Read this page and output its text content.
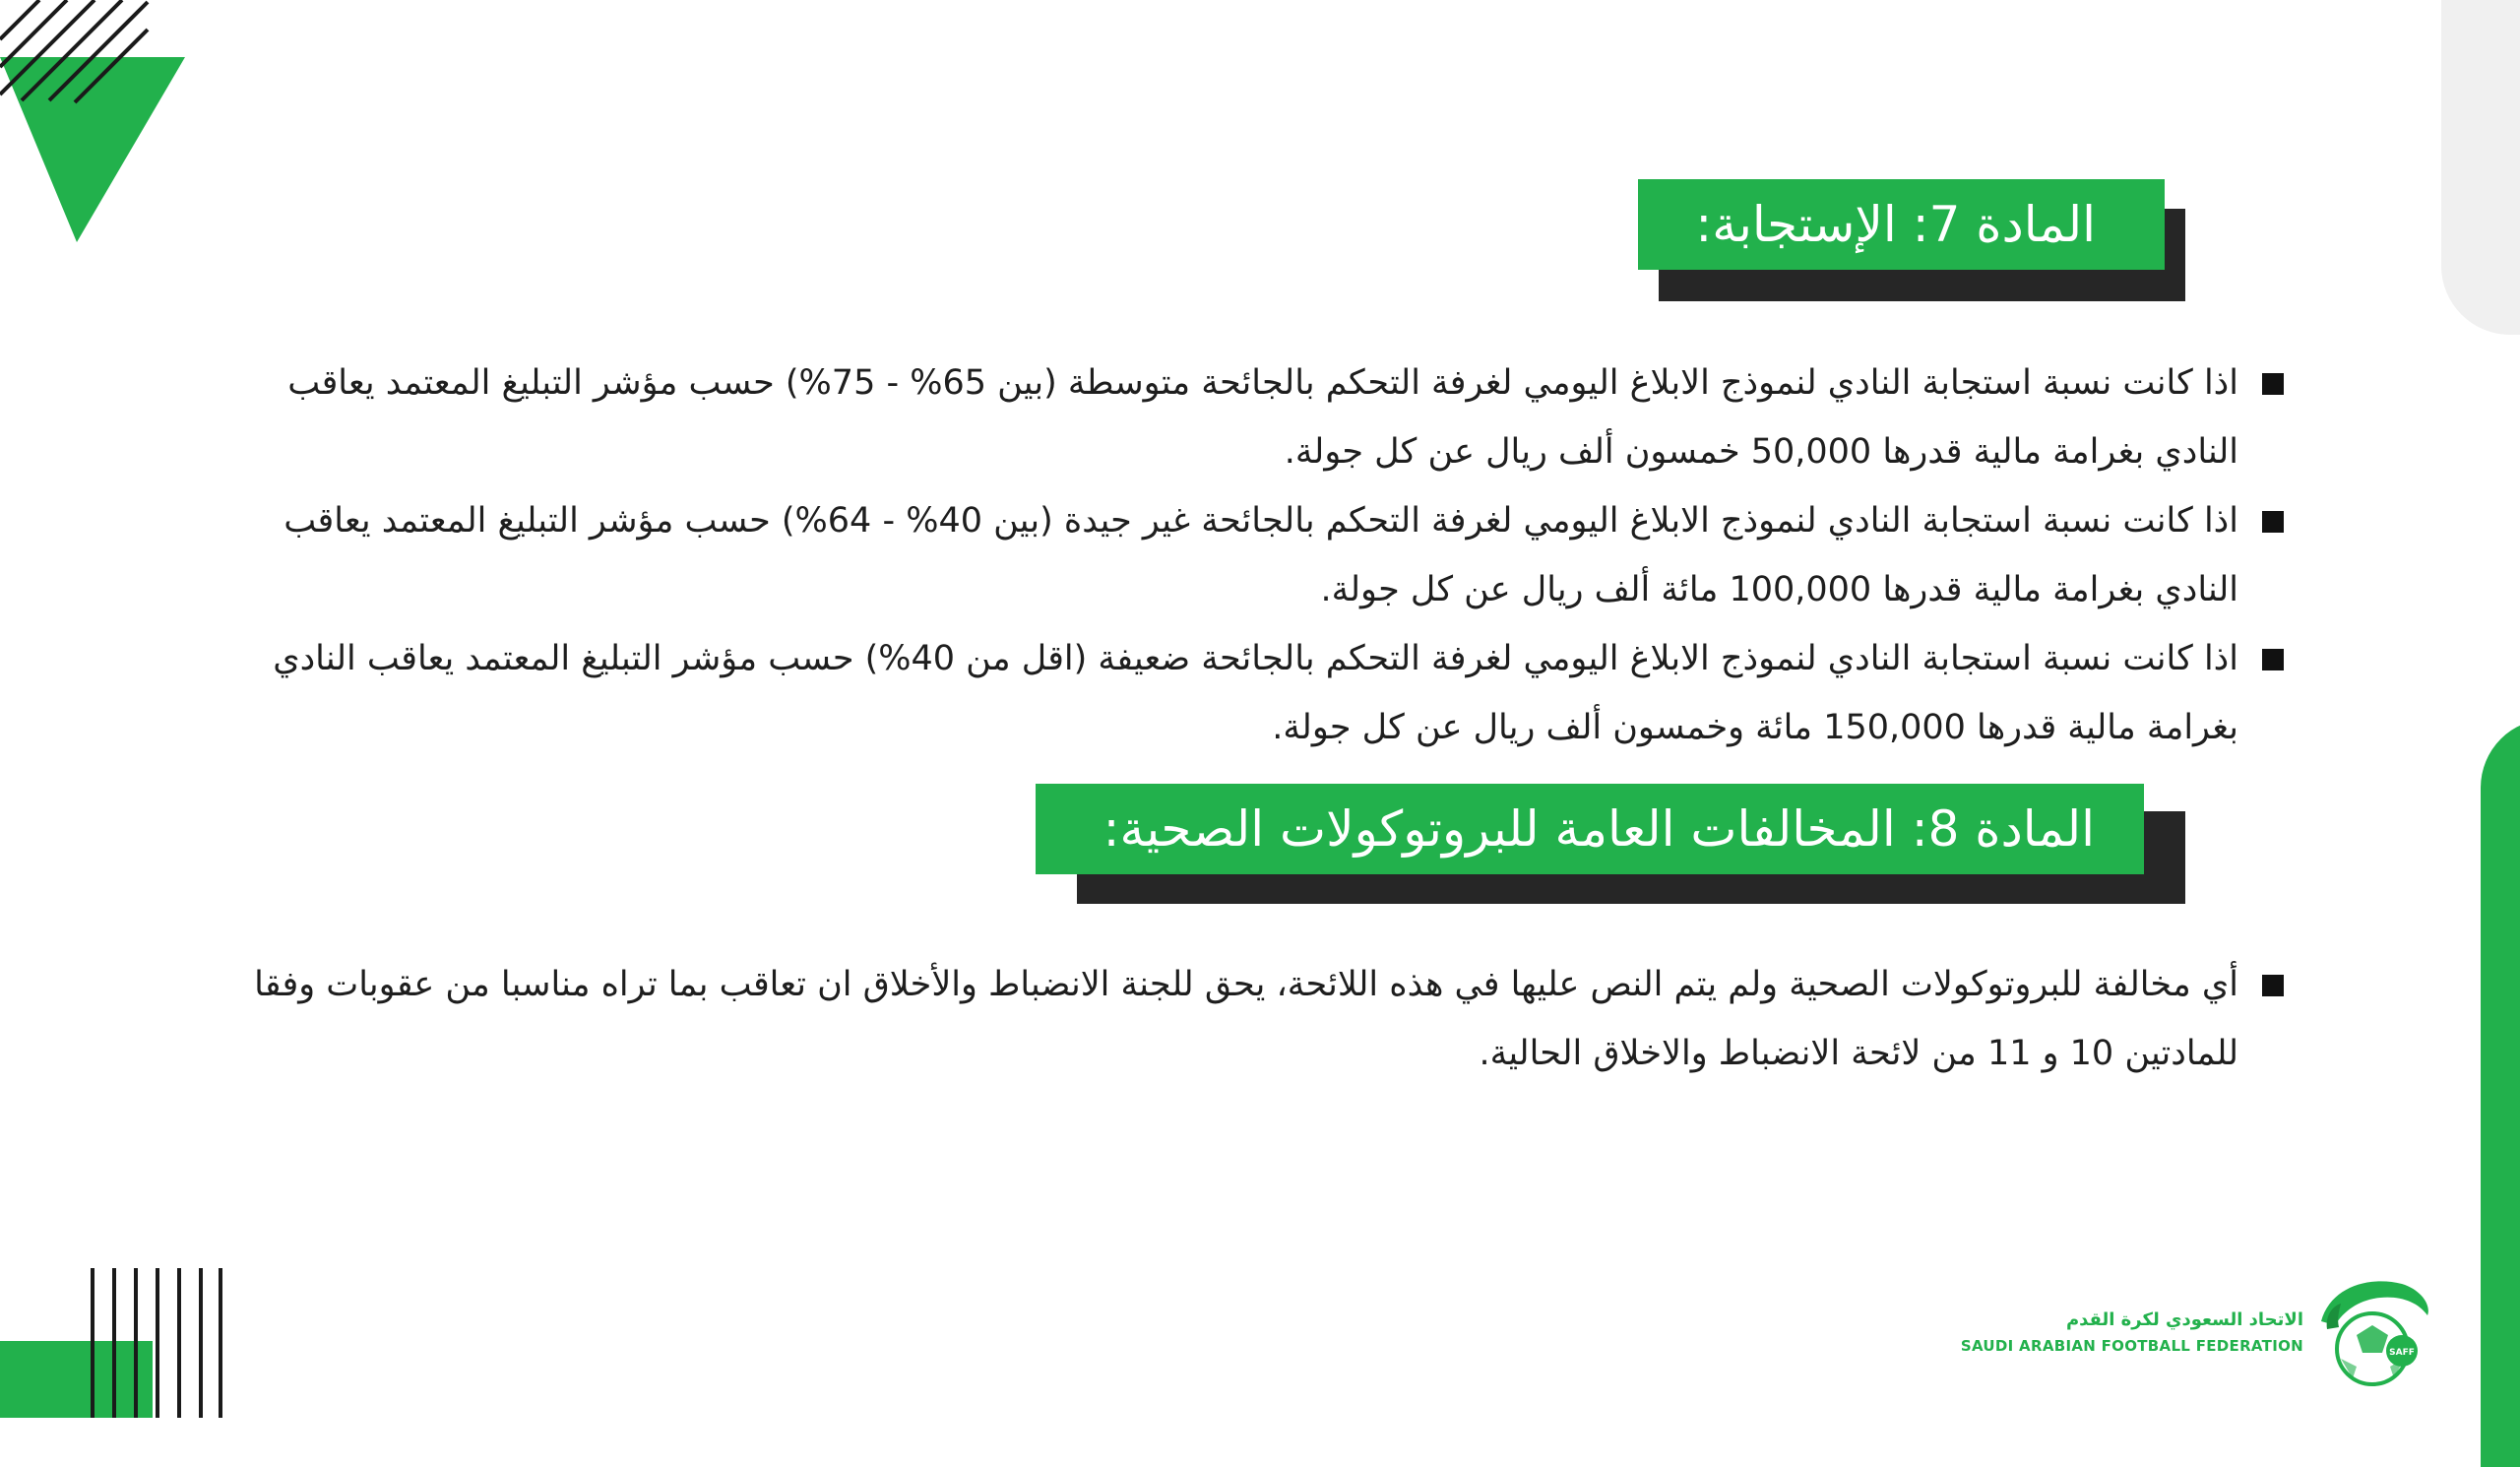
المادة 7: الإستجابة:
اذا كانت نسبة استجابة النادي لنموذج الابلاغ اليومي لغرفة التحكم بالجائحة متوسطة (بين 65% - 75%) حسب مؤشر التبليغ المعتمد يعاقب النادي بغرامة مالية قدرها 50,000 خمسون ألف ريال عن كل جولة.
اذا كانت نسبة استجابة النادي لنموذج الابلاغ اليومي لغرفة التحكم بالجائحة غير جيدة (بين 40% - 64%) حسب مؤشر التبليغ المعتمد يعاقب النادي بغرامة مالية قدرها 100,000 مائة ألف ريال عن كل جولة.
اذا كانت نسبة استجابة النادي لنموذج الابلاغ اليومي لغرفة التحكم بالجائحة ضعيفة (اقل من 40%) حسب مؤشر التبليغ المعتمد يعاقب النادي بغرامة مالية قدرها 150,000 مائة وخمسون ألف ريال عن كل جولة.
المادة 8: المخالفات العامة للبروتوكولات الصحية:
أي مخالفة للبروتوكولات الصحية ولم يتم النص عليها في هذه اللائحة، يحق للجنة الانضباط والأخلاق ان تعاقب بما تراه مناسبا من عقوبات وفقا للمادتين 10 و 11 من لائحة الانضباط والاخلاق الحالية.
الاتحاد السعودي لكرة القدم
SAUDI ARABIAN FOOTBALL FEDERATION	SAFF
